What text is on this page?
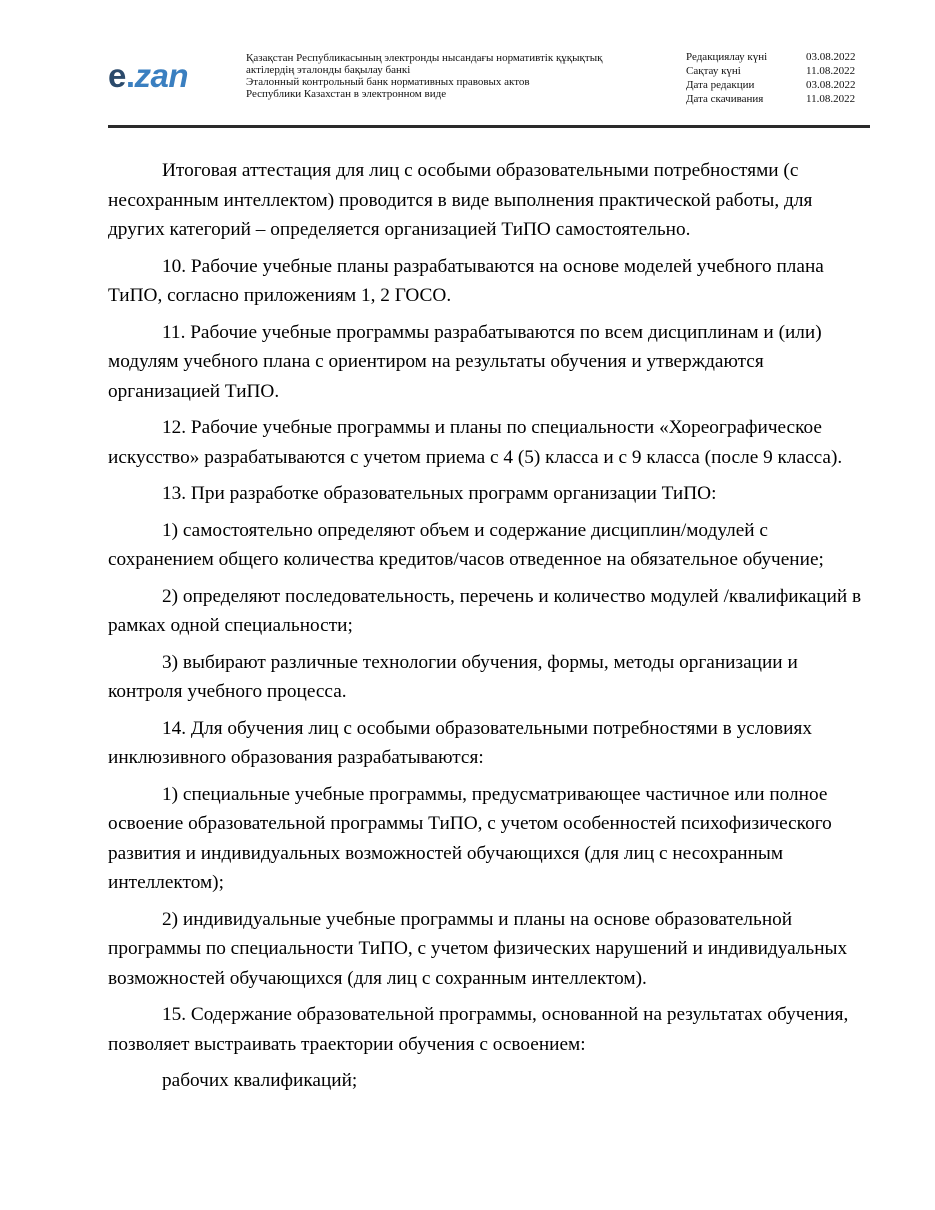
e.zan	Қазақстан Республикасының электронды нысандағы нормативтік құқықтық
актілердің эталонды бақылау банкі
Эталонный контрольный банк нормативных правовых актов
Республики Казахстан в электронном виде
Редакциялау күні	03.08.2022
Сақтау күні	11.08.2022
Дата редакции	03.08.2022
Дата скачивания	11.08.2022

Итоговая аттестация для лиц с особыми образовательными потребностями (с несохранным интеллектом) проводится в виде выполнения практической работы, для других категорий – определяется организацией ТиПО самостоятельно.

10. Рабочие учебные планы разрабатываются на основе моделей учебного плана ТиПО, согласно приложениям 1, 2 ГОСО.

11. Рабочие учебные программы разрабатываются по всем дисциплинам и (или) модулям учебного плана с ориентиром на результаты обучения и утверждаются организацией ТиПО.

12. Рабочие учебные программы и планы по специальности «Хореографическое искусство» разрабатываются с учетом приема с 4 (5) класса и с 9 класса (после 9 класса).

13. При разработке образовательных программ организации ТиПО:

1) самостоятельно определяют объем и содержание дисциплин/модулей с сохранением общего количества кредитов/часов отведенное на обязательное обучение;

2) определяют последовательность, перечень и количество модулей /квалификаций в рамках одной специальности;

3) выбирают различные технологии обучения, формы, методы организации и контроля учебного процесса.

14. Для обучения лиц с особыми образовательными потребностями в условиях инклюзивного образования разрабатываются:

1) специальные учебные программы, предусматривающее частичное или полное освоение образовательной программы ТиПО, с учетом особенностей психофизического развития и индивидуальных возможностей обучающихся (для лиц с несохранным интеллектом);

2) индивидуальные учебные программы и планы на основе образовательной программы по специальности ТиПО, с учетом физических нарушений и индивидуальных возможностей обучающихся (для лиц с сохранным интеллектом).

15. Содержание образовательной программы, основанной на результатах обучения, позволяет выстраивать траектории обучения с освоением:

рабочих квалификаций;
